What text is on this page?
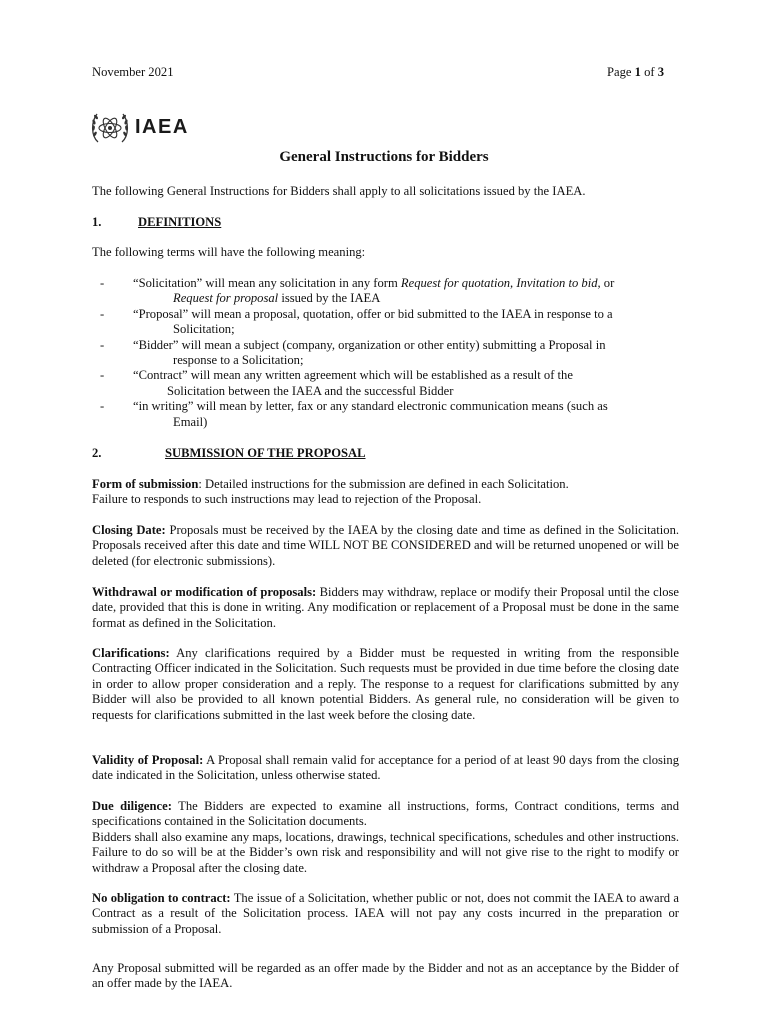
November 2021	Page 1 of 3
IAEA
General Instructions for Bidders
The following General Instructions for Bidders shall apply to all solicitations issued by the IAEA.
1.	DEFINITIONS
The following terms will have the following meaning:
- “Solicitation” will mean any solicitation in any form Request for quotation, Invitation to bid, or
Request for proposal issued by the IAEA
- “Proposal” will mean a proposal, quotation, offer or bid submitted to the IAEA in response to a
Solicitation;
- “Bidder” will mean a subject (company, organization or other entity) submitting a Proposal in
response to a Solicitation;
- “Contract” will mean any written agreement which will be established as a result of the
Solicitation between the IAEA and the successful Bidder
- “in writing” will mean by letter, fax or any standard electronic communication means (such as
Email)
2.	SUBMISSION OF THE PROPOSAL
Form of submission: Detailed instructions for the submission are defined in each Solicitation.
Failure to responds to such instructions may lead to rejection of the Proposal.
Closing Date: Proposals must be received by the IAEA by the closing date and time as defined in the Solicitation. Proposals received after this date and time WILL NOT BE CONSIDERED and will be returned unopened or will be deleted (for electronic submissions).
Withdrawal or modification of proposals: Bidders may withdraw, replace or modify their Proposal until the close date, provided that this is done in writing. Any modification or replacement of a Proposal must be done in the same format as defined in the Solicitation.
Clarifications: Any clarifications required by a Bidder must be requested in writing from the responsible Contracting Officer indicated in the Solicitation. Such requests must be provided in due time before the closing date in order to allow proper consideration and a reply. The response to a request for clarifications submitted by any Bidder will also be provided to all known potential Bidders. As general rule, no consideration will be given to requests for clarifications submitted in the last week before the closing date.
Validity of Proposal: A Proposal shall remain valid for acceptance for a period of at least 90 days from the closing date indicated in the Solicitation, unless otherwise stated.
Due diligence: The Bidders are expected to examine all instructions, forms, Contract conditions, terms and specifications contained in the Solicitation documents.
Bidders shall also examine any maps, locations, drawings, technical specifications, schedules and other instructions. Failure to do so will be at the Bidder’s own risk and responsibility and will not give rise to the right to modify or withdraw a Proposal after the closing date.
No obligation to contract: The issue of a Solicitation, whether public or not, does not commit the IAEA to award a Contract as a result of the Solicitation process. IAEA will not pay any costs incurred in the preparation or submission of a Proposal.
Any Proposal submitted will be regarded as an offer made by the Bidder and not as an acceptance by the Bidder of an offer made by the IAEA.
